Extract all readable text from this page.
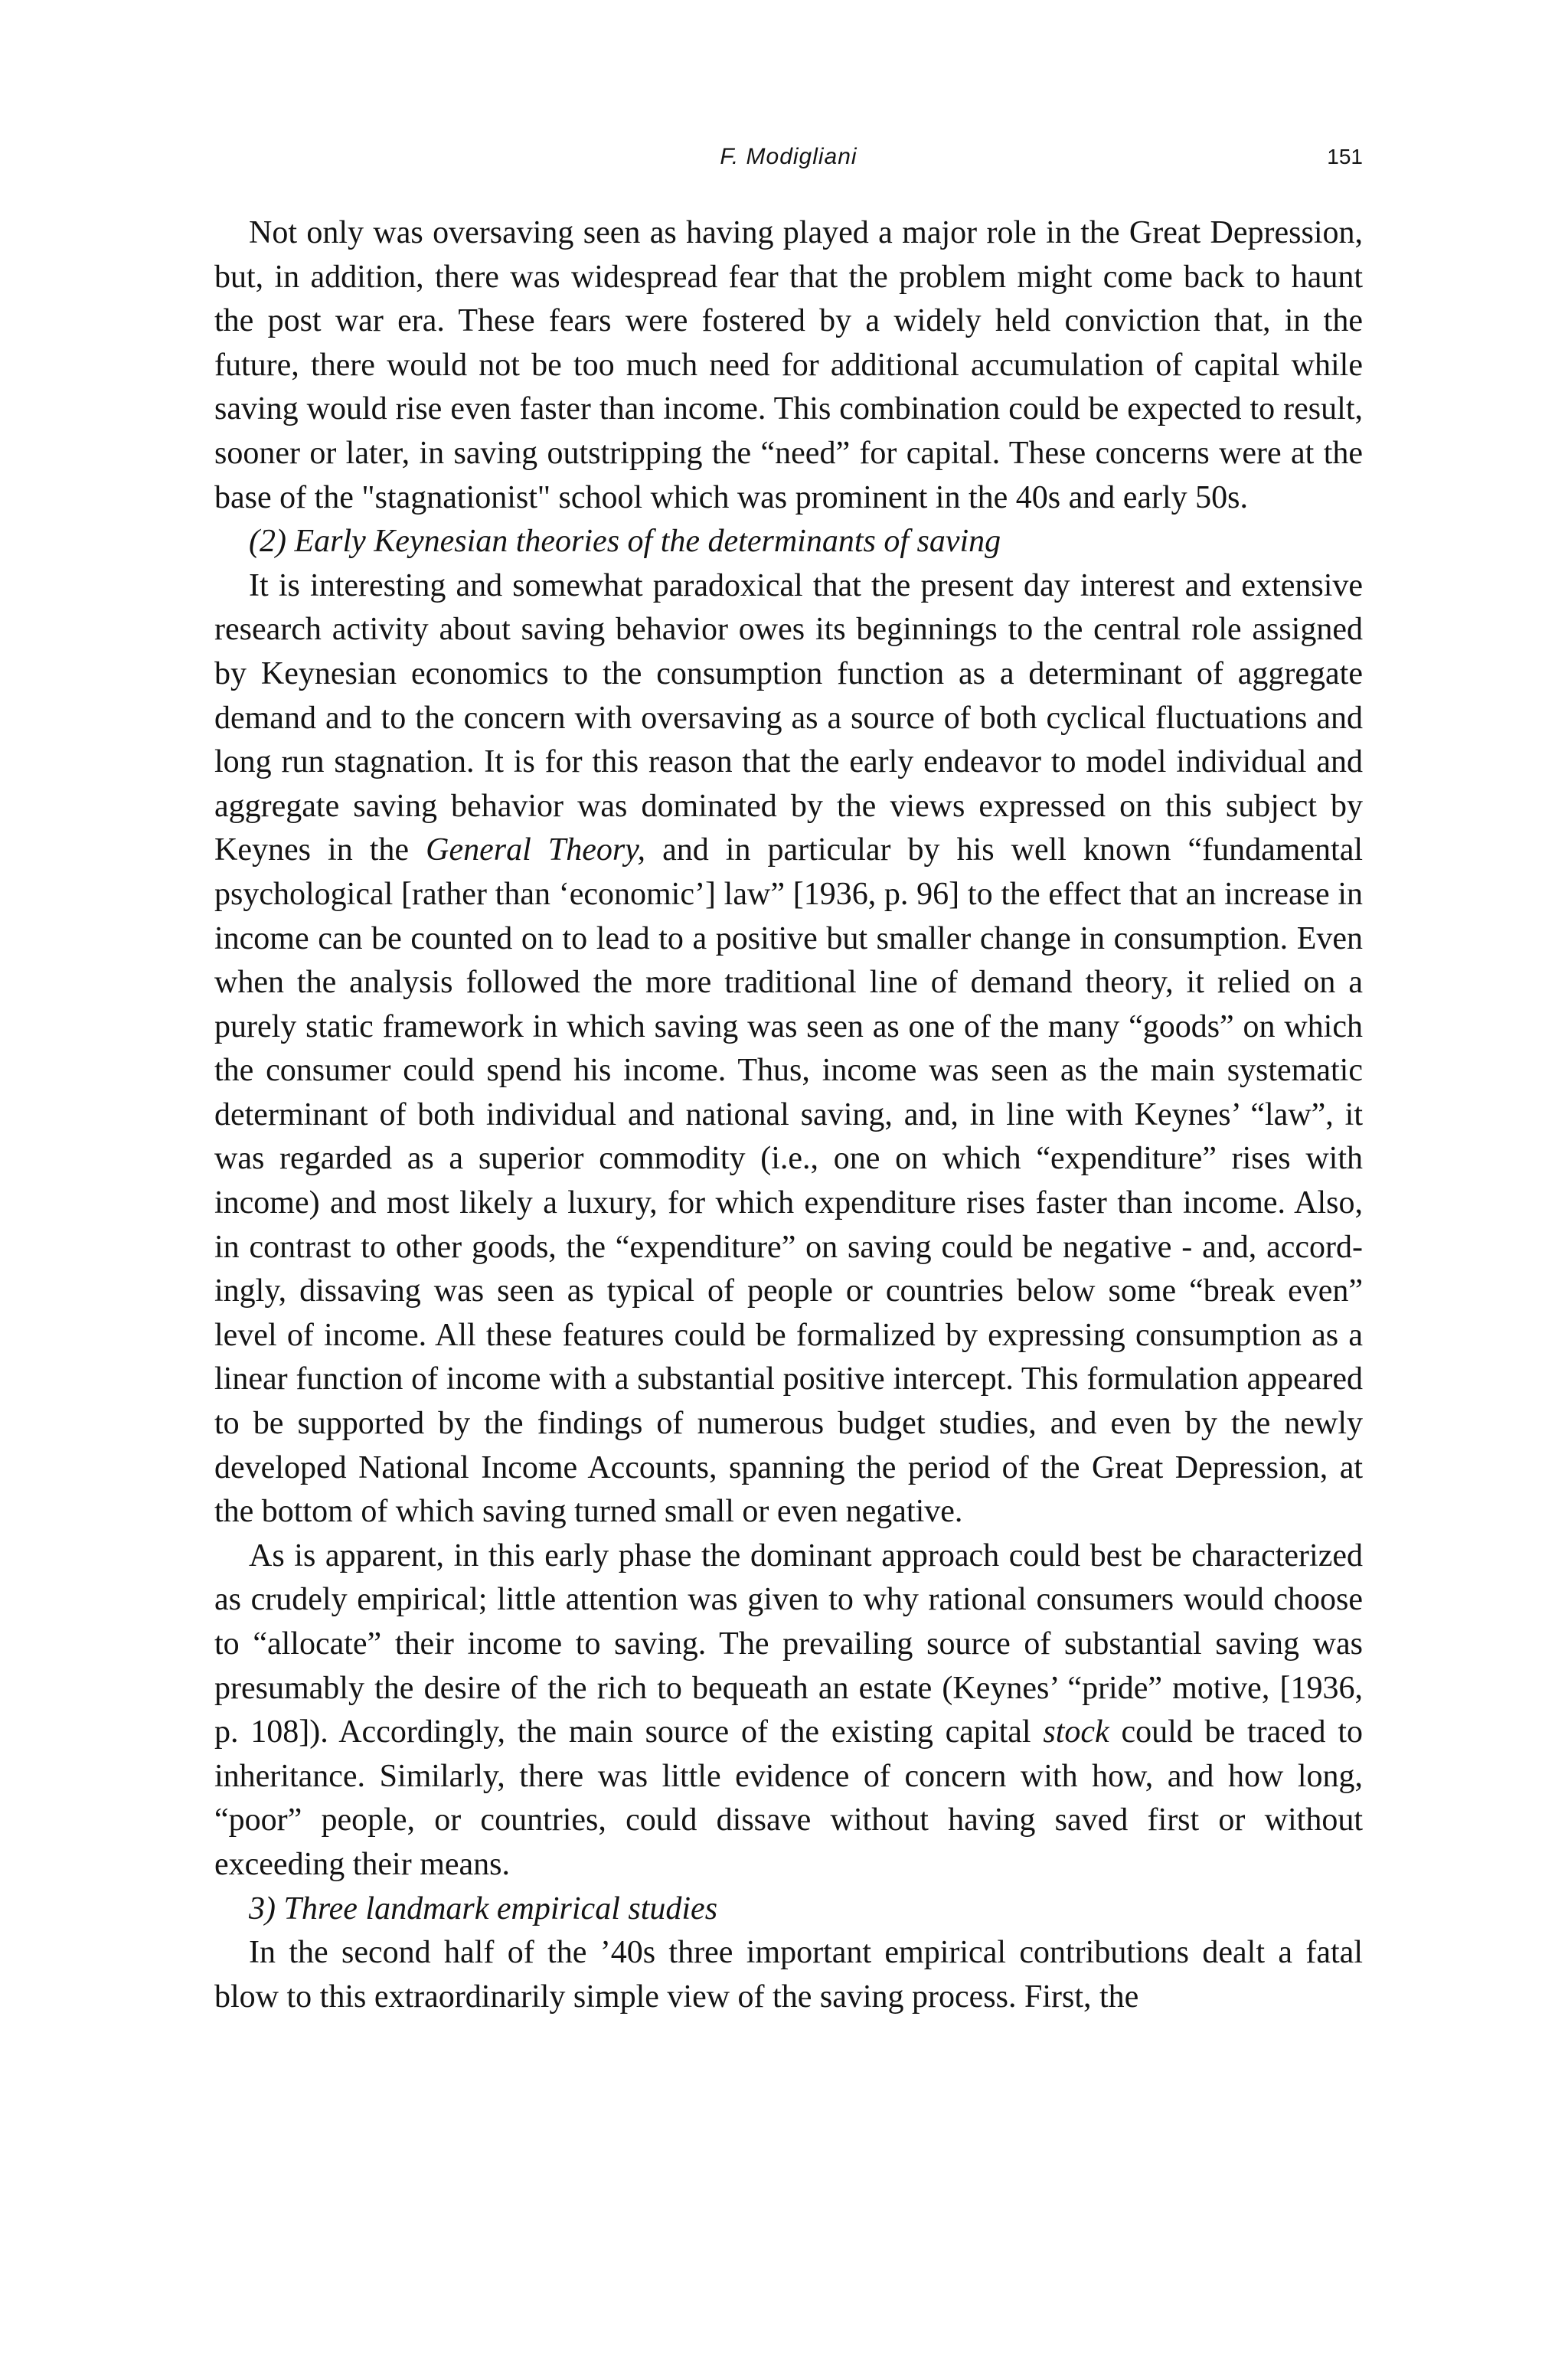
F. Modigliani	151

Not only was oversaving seen as having played a major role in the Great Depression, but, in addition, there was widespread fear that the problem might come back to haunt the post war era. These fears were fostered by a widely held conviction that, in the future, there would not be too much need for additional accumulation of capital while saving would rise even faster than income. This combination could be expected to result, sooner or later, in saving outstripping the “need” for capital. These concerns were at the base of the "stagnationist" school which was prominent in the 40s and early 50s.

(2) Early Keynesian theories of the determinants of saving

It is interesting and somewhat paradoxical that the present day interest and extensive research activity about saving behavior owes its beginnings to the central role assigned by Keynesian economics to the consumption function as a determinant of aggregate demand and to the concern with oversaving as a source of both cyclical fluctuations and long run stagnation. It is for this reason that the early endeavor to model individual and aggregate saving behavior was dominated by the views expressed on this subject by Keynes in the General Theory, and in particular by his well known “fundamental psychological [rather than ‘economic’] law” [1936, p. 96] to the effect that an increase in income can be counted on to lead to a positive but smaller change in consumption. Even when the analysis followed the more traditional line of demand theory, it relied on a purely static framework in which saving was seen as one of the many “goods” on which the consumer could spend his income. Thus, income was seen as the main systematic determinant of both individual and national saving, and, in line with Keynes’ “law”, it was regarded as a superior commodity (i.e., one on which “expenditure” rises with income) and most likely a luxury, for which expenditure rises faster than income. Also, in contrast to other goods, the “expenditure” on saving could be negative - and, accordingly, dissaving was seen as typical of people or countries below some “break even” level of income. All these features could be formalized by expressing consumption as a linear function of income with a substantial positive intercept. This formulation appeared to be supported by the findings of numerous budget studies, and even by the newly developed National Income Accounts, spanning the period of the Great Depression, at the bottom of which saving turned small or even negative.

As is apparent, in this early phase the dominant approach could best be characterized as crudely empirical; little attention was given to why rational consumers would choose to “allocate” their income to saving. The prevailing source of substantial saving was presumably the desire of the rich to bequeath an estate (Keynes’ “pride” motive, [1936, p. 108]). Accordingly, the main source of the existing capital stock could be traced to inheritance. Similarly, there was little evidence of concern with how, and how long, “poor” people, or countries, could dissave without having saved first or without exceeding their means.

3) Three landmark empirical studies

In the second half of the ’40s three important empirical contributions dealt a fatal blow to this extraordinarily simple view of the saving process. First, the
